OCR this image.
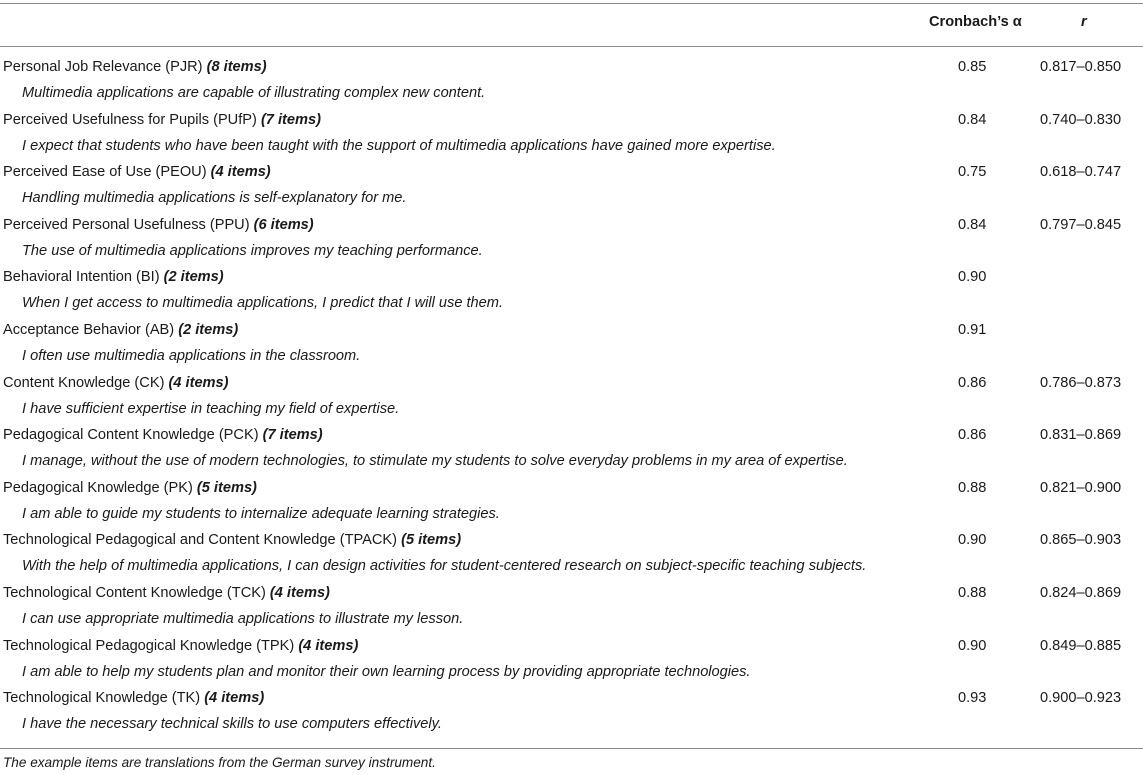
Cronbach’s α	r
Personal Job Relevance (PJR) (8 items)	0.85	0.817–0.850
Multimedia applications are capable of illustrating complex new content.
Perceived Usefulness for Pupils (PUfP) (7 items)	0.84	0.740–0.830
I expect that students who have been taught with the support of multimedia applications have gained more expertise.
Perceived Ease of Use (PEOU) (4 items)	0.75	0.618–0.747
Handling multimedia applications is self-explanatory for me.
Perceived Personal Usefulness (PPU) (6 items)	0.84	0.797–0.845
The use of multimedia applications improves my teaching performance.
Behavioral Intention (BI) (2 items)	0.90
When I get access to multimedia applications, I predict that I will use them.
Acceptance Behavior (AB) (2 items)	0.91
I often use multimedia applications in the classroom.
Content Knowledge (CK) (4 items)	0.86	0.786–0.873
I have sufficient expertise in teaching my field of expertise.
Pedagogical Content Knowledge (PCK) (7 items)	0.86	0.831–0.869
I manage, without the use of modern technologies, to stimulate my students to solve everyday problems in my area of expertise.
Pedagogical Knowledge (PK) (5 items)	0.88	0.821–0.900
I am able to guide my students to internalize adequate learning strategies.
Technological Pedagogical and Content Knowledge (TPACK) (5 items)	0.90	0.865–0.903
With the help of multimedia applications, I can design activities for student-centered research on subject-specific teaching subjects.
Technological Content Knowledge (TCK) (4 items)	0.88	0.824–0.869
I can use appropriate multimedia applications to illustrate my lesson.
Technological Pedagogical Knowledge (TPK) (4 items)	0.90	0.849–0.885
I am able to help my students plan and monitor their own learning process by providing appropriate technologies.
Technological Knowledge (TK) (4 items)	0.93	0.900–0.923
I have the necessary technical skills to use computers effectively.
The example items are translations from the German survey instrument.
